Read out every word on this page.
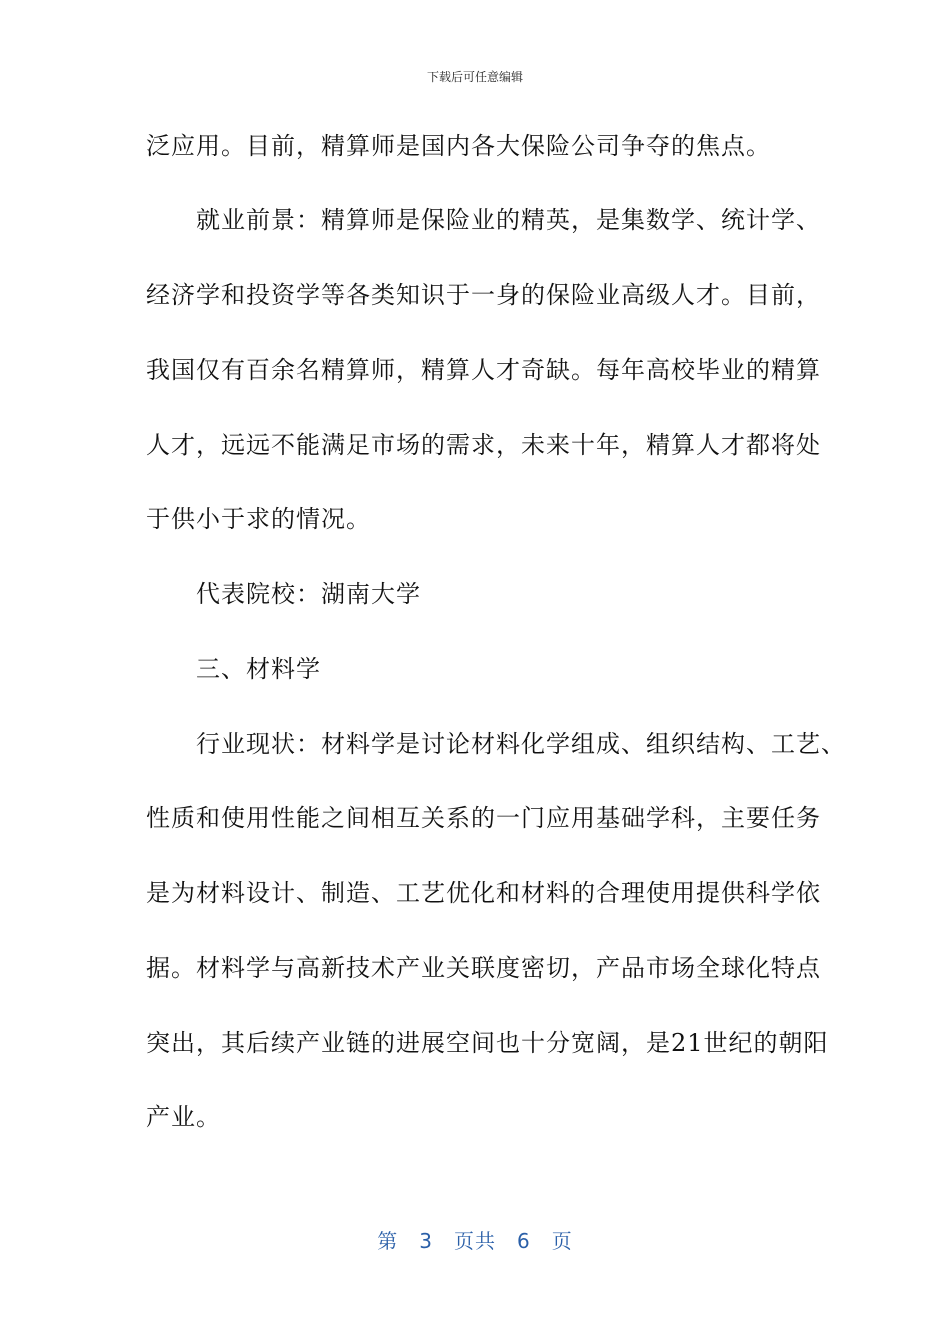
下载后可任意编辑
泛应用。目前，精算师是国内各大保险公司争夺的焦点。
　　就业前景：精算师是保险业的精英，是集数学、统计学、
经济学和投资学等各类知识于一身的保险业高级人才。目前，
我国仅有百余名精算师，精算人才奇缺。每年高校毕业的精算
人才，远远不能满足市场的需求，未来十年，精算人才都将处
于供小于求的情况。
　　代表院校：湖南大学
　　三、材料学
　　行业现状：材料学是讨论材料化学组成、组织结构、工艺、
性质和使用性能之间相互关系的一门应用基础学科，主要任务
是为材料设计、制造、工艺优化和材料的合理使用提供科学依
据。材料学与高新技术产业关联度密切，产品市场全球化特点
突出，其后续产业链的进展空间也十分宽阔，是21世纪的朝阳
产业。
第　3　页共　6　页
